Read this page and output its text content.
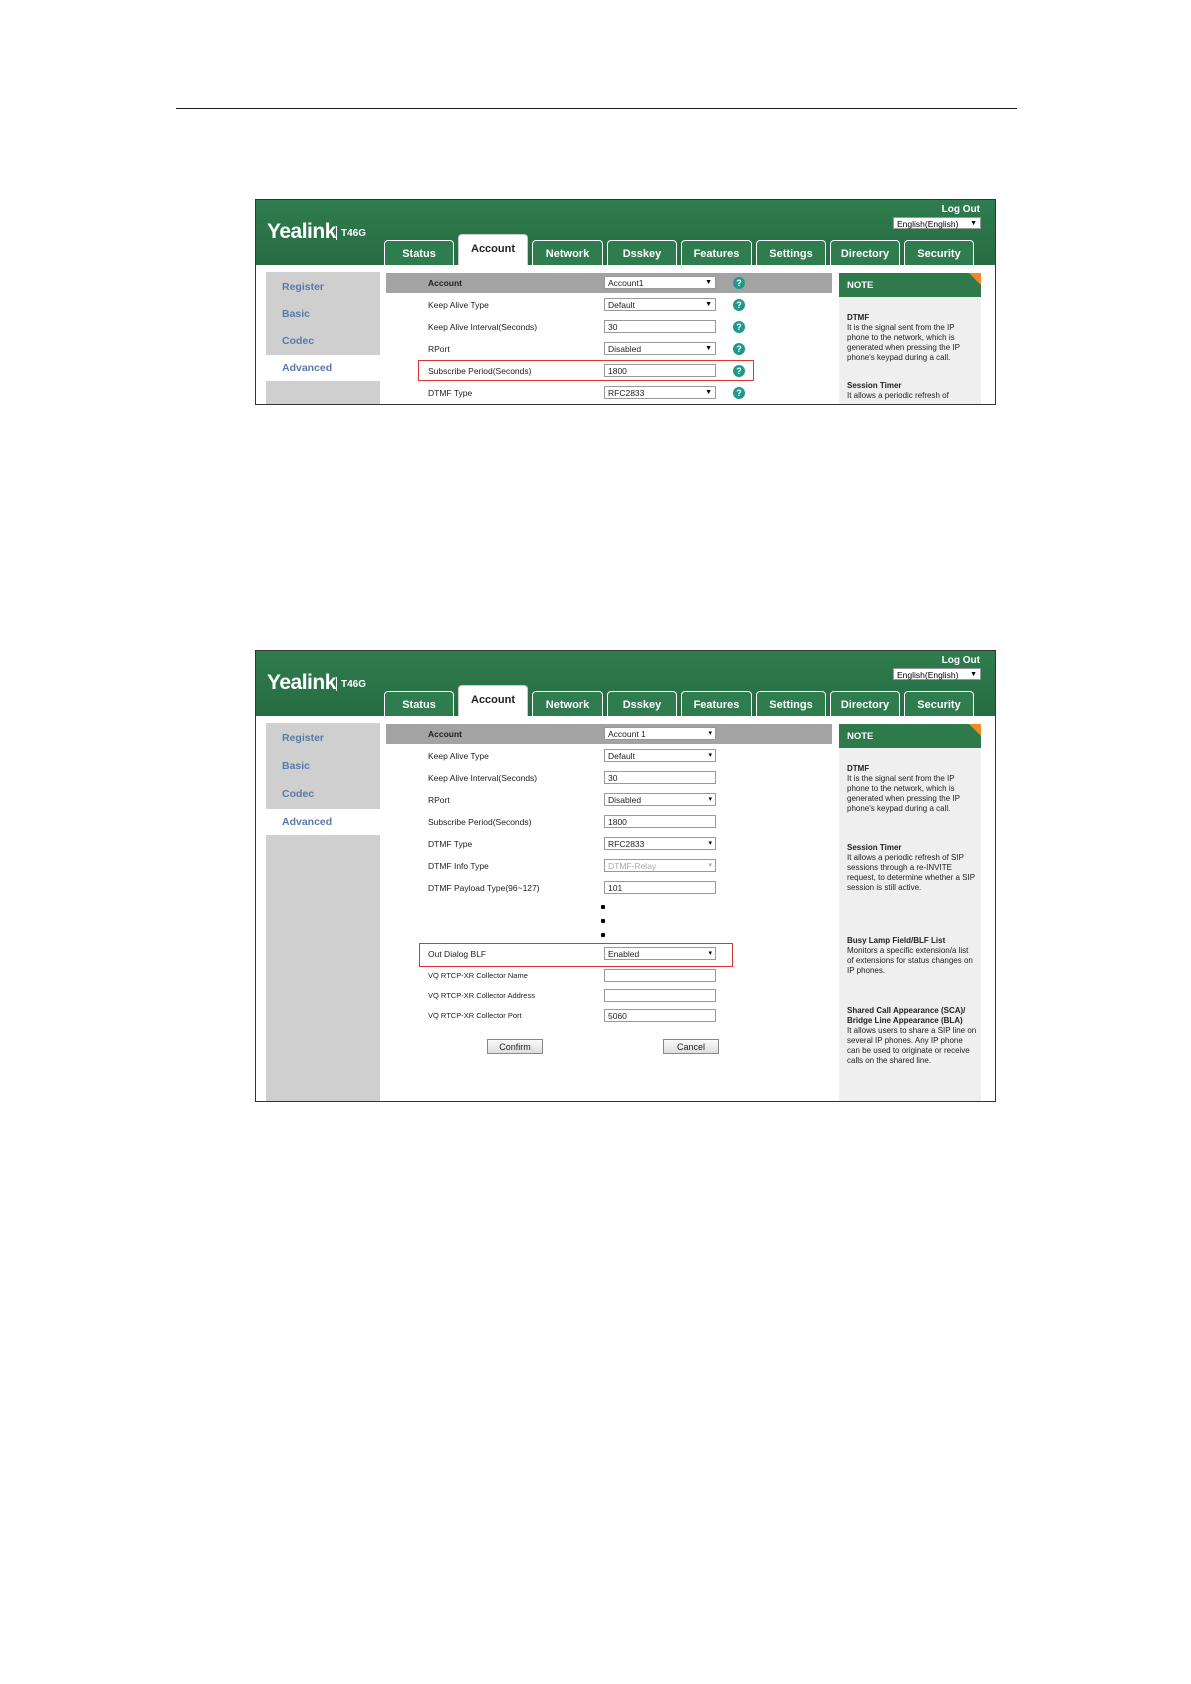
Yealink T46G
Log Out
English(English) ▼
Status	Account	Network	Dsskey	Features	Settings	Directory	Security
Register
Basic
Codec
Advanced
Account	Account1	▼	?
Keep Alive Type	Default	▼	?
Keep Alive Interval(Seconds)	30	?
RPort	Disabled	▼	?
Subscribe Period(Seconds)	1800	?
DTMF Type	RFC2833	▼	?
NOTE
DTMF
It is the signal sent from the IP phone to the network, which is generated when pressing the IP phone's keypad during a call.
Session Timer
It allows a periodic refresh of
Yealink T46G
Log Out
English(English) ▼
Status	Account	Network	Dsskey	Features	Settings	Directory	Security
Register
Basic
Codec
Advanced
Account	Account 1	▾
Keep Alive Type	Default	▾
Keep Alive Interval(Seconds)	30
RPort	Disabled	▾
Subscribe Period(Seconds)	1800
DTMF Type	RFC2833	▾
DTMF Info Type	DTMF-Relay	▾
DTMF Payload Type(96~127)	101
Out Dialog BLF	Enabled	▾
VQ RTCP-XR Collector Name
VQ RTCP-XR Collector Address
VQ RTCP-XR Collector Port	5060
Confirm	Cancel
NOTE
DTMF
It is the signal sent from the IP phone to the network, which is generated when pressing the IP phone's keypad during a call.
Session Timer
It allows a periodic refresh of SIP sessions through a re-INVITE request, to determine whether a SIP session is still active.
Busy Lamp Field/BLF List
Monitors a specific extension/a list of extensions for status changes on IP phones.
Shared Call Appearance (SCA)/ Bridge Line Appearance (BLA)
It allows users to share a SIP line on several IP phones. Any IP phone can be used to originate or receive calls on the shared line.
